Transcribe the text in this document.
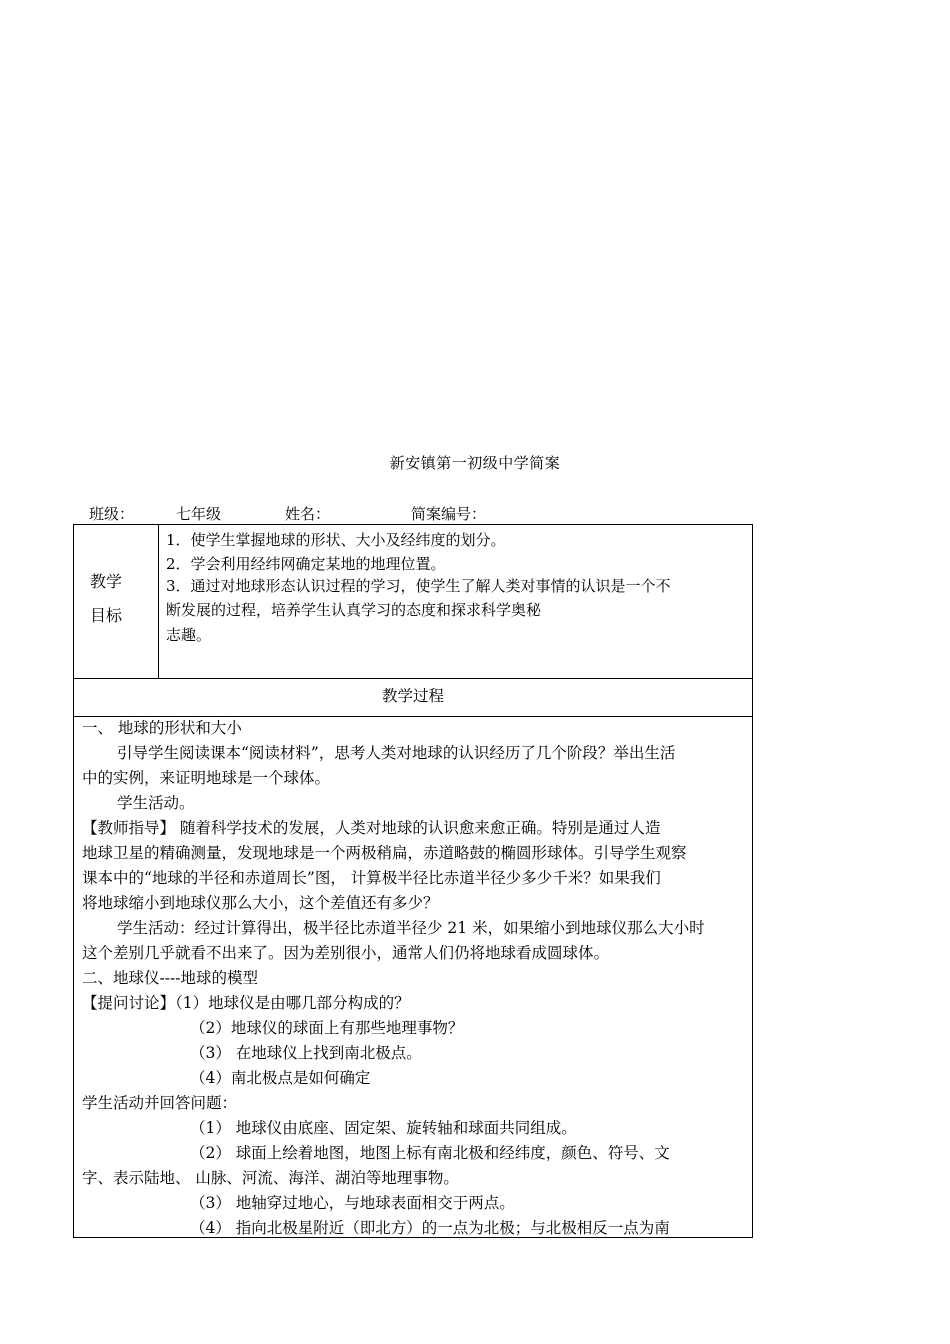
新安镇第一初级中学简案
班级：	七年级	姓名：	简案编号：
教学
目标
1．使学生掌握地球的形状、大小及经纬度的划分。
2．学会利用经纬网确定某地的地理位置。
3．通过对地球形态认识过程的学习，使学生了解人类对事情的认识是一个不
断发展的过程，培养学生认真学习的态度和探求科学奥秘
志趣。
教学过程
一、 地球的形状和大小
引导学生阅读课本“阅读材料”，思考人类对地球的认识经历了几个阶段？举出生活
中的实例，来证明地球是一个球体。
学生活动。
【教师指导】 随着科学技术的发展，人类对地球的认识愈来愈正确。特别是通过人造
地球卫星的精确测量，发现地球是一个两极稍扁，赤道略鼓的椭圆形球体。引导学生观察
课本中的“地球的半径和赤道周长”图， 计算极半径比赤道半径少多少千米？如果我们
将地球缩小到地球仪那么大小，这个差值还有多少？
学生活动：经过计算得出，极半径比赤道半径少 21 米，如果缩小到地球仪那么大小时
这个差别几乎就看不出来了。因为差别很小，通常人们仍将地球看成圆球体。
二、地球仪----地球的模型
【提问讨论】（1）地球仪是由哪几部分构成的？
（2）地球仪的球面上有那些地理事物？
（3） 在地球仪上找到南北极点。
（4）南北极点是如何确定
学生活动并回答问题：
（1） 地球仪由底座、固定架、旋转轴和球面共同组成。
（2） 球面上绘着地图，地图上标有南北极和经纬度，颜色、符号、文
字、表示陆地、 山脉、河流、海洋、湖泊等地理事物。
（3） 地轴穿过地心，与地球表面相交于两点。
（4） 指向北极星附近（即北方）的一点为北极；与北极相反一点为南
